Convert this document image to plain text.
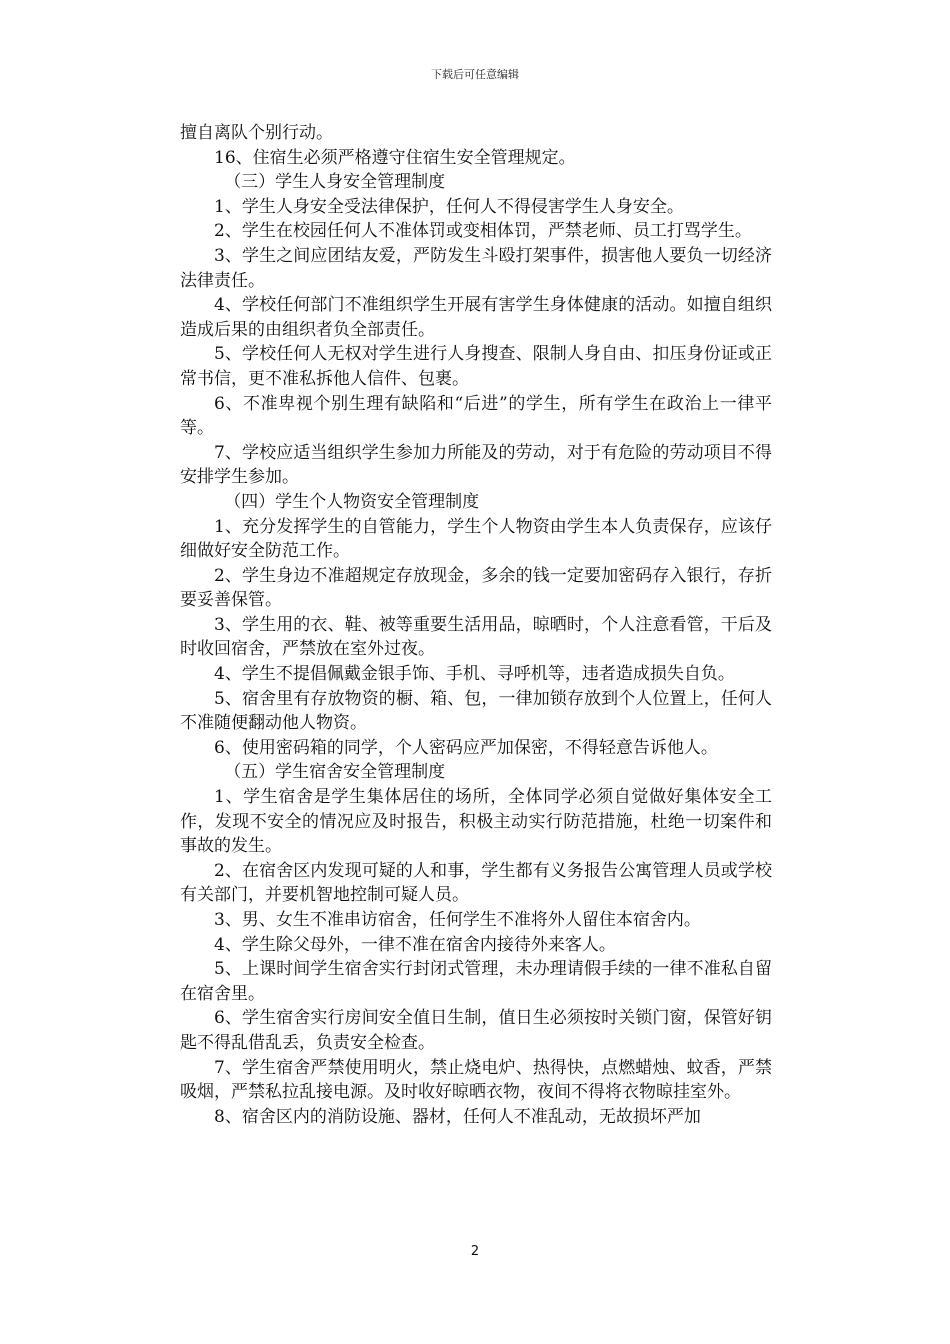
下载后可任意编辑

擅自离队个别行动。

16、住宿生必须严格遵守住宿生安全管理规定。

（三）学生人身安全管理制度

1、学生人身安全受法律保护，任何人不得侵害学生人身安全。

2、学生在校园任何人不准体罚或变相体罚，严禁老师、员工打骂学生。

3、学生之间应团结友爱，严防发生斗殴打架事件，损害他人要负一切经济法律责任。

4、学校任何部门不准组织学生开展有害学生身体健康的活动。如擅自组织造成后果的由组织者负全部责任。

5、学校任何人无权对学生进行人身搜查、限制人身自由、扣压身份证或正常书信，更不准私拆他人信件、包裹。

6、不准卑视个别生理有缺陷和“后进”的学生，所有学生在政治上一律平等。

7、学校应适当组织学生参加力所能及的劳动，对于有危险的劳动项目不得安排学生参加。

（四）学生个人物资安全管理制度

1、充分发挥学生的自管能力，学生个人物资由学生本人负责保存，应该仔细做好安全防范工作。

2、学生身边不准超规定存放现金，多余的钱一定要加密码存入银行，存折要妥善保管。

3、学生用的衣、鞋、被等重要生活用品，晾晒时，个人注意看管，干后及时收回宿舍，严禁放在室外过夜。

4、学生不提倡佩戴金银手饰、手机、寻呼机等，违者造成损失自负。

5、宿舍里有存放物资的橱、箱、包，一律加锁存放到个人位置上，任何人不准随便翻动他人物资。

6、使用密码箱的同学，个人密码应严加保密，不得轻意告诉他人。

（五）学生宿舍安全管理制度

1、学生宿舍是学生集体居住的场所，全体同学必须自觉做好集体安全工作，发现不安全的情况应及时报告，积极主动实行防范措施，杜绝一切案件和事故的发生。

2、在宿舍区内发现可疑的人和事，学生都有义务报告公寓管理人员或学校有关部门，并要机智地控制可疑人员。

3、男、女生不准串访宿舍，任何学生不准将外人留住本宿舍内。

4、学生除父母外，一律不准在宿舍内接待外来客人。

5、上课时间学生宿舍实行封闭式管理，未办理请假手续的一律不准私自留在宿舍里。

6、学生宿舍实行房间安全值日生制，值日生必须按时关锁门窗，保管好钥匙不得乱借乱丢，负责安全检查。

7、学生宿舍严禁使用明火，禁止烧电炉、热得快，点燃蜡烛、蚊香，严禁吸烟，严禁私拉乱接电源。及时收好晾晒衣物，夜间不得将衣物晾挂室外。

8、宿舍区内的消防设施、器材，任何人不准乱动，无故损坏严加

2
